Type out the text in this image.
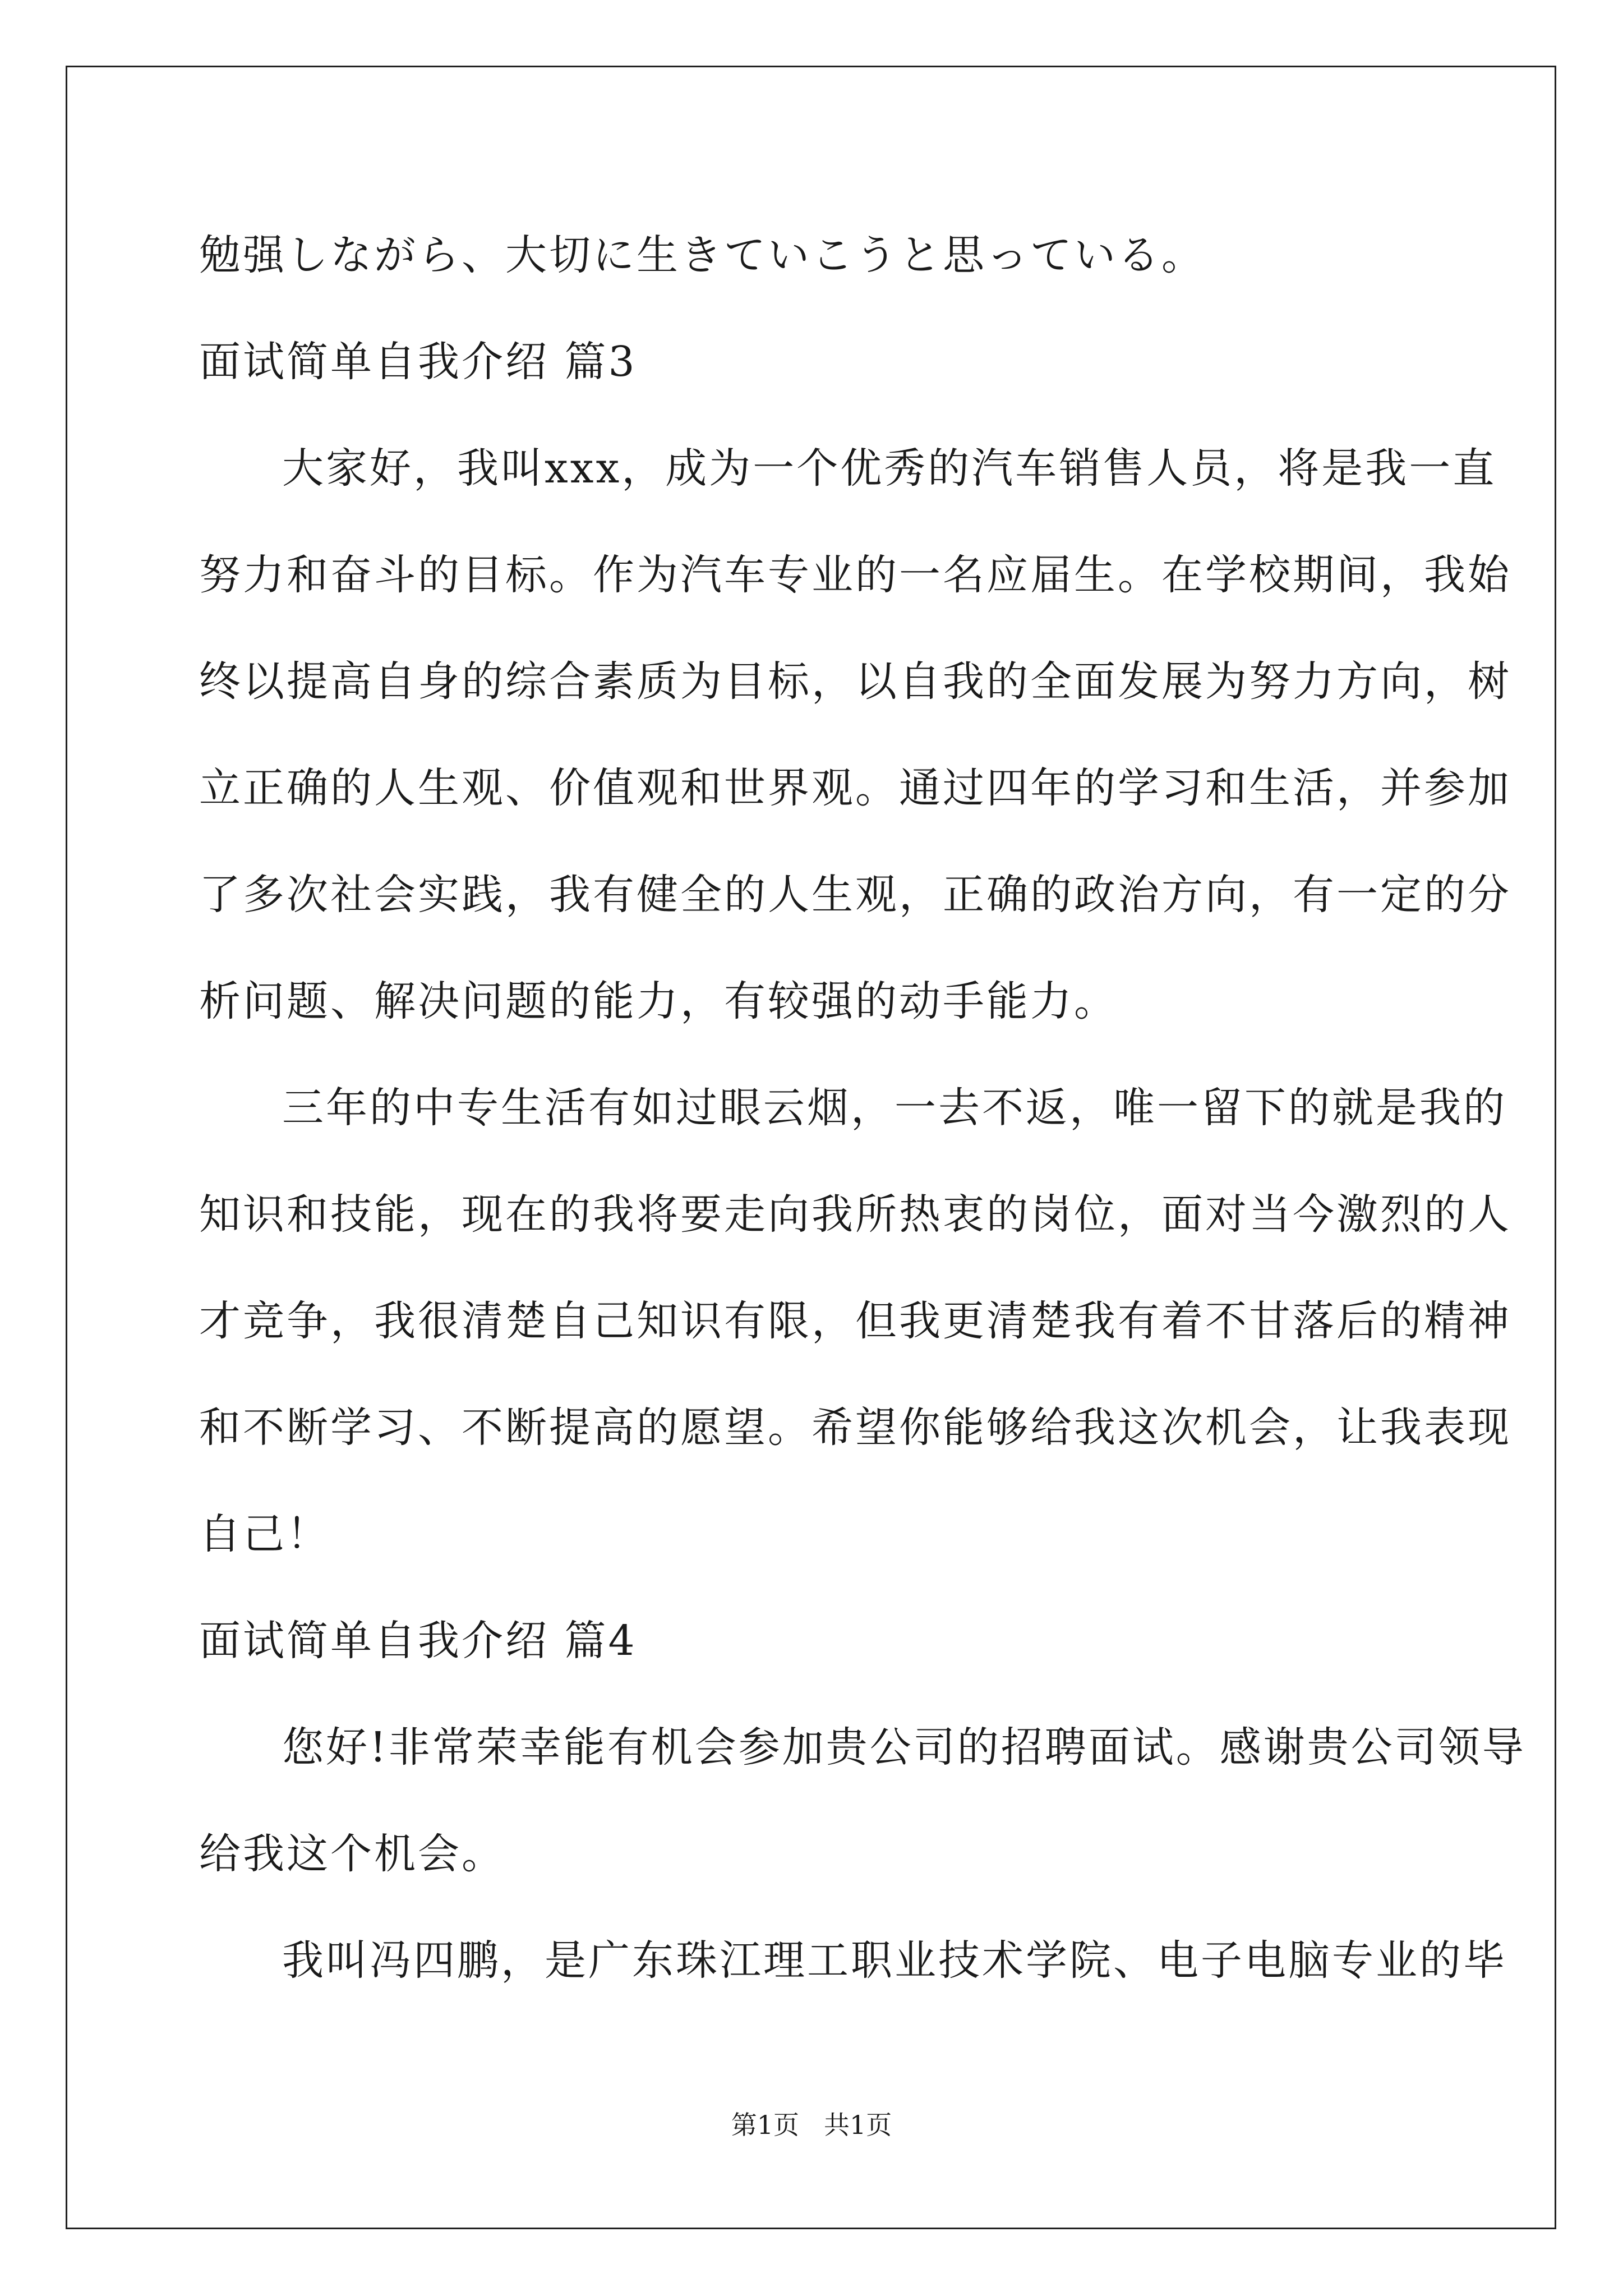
勉强しながら、大切に生きていこうと思っている。
面试简单自我介绍 篇3
大家好，我叫xxx，成为一个优秀的汽车销售人员，将是我一直
努力和奋斗的目标。作为汽车专业的一名应届生。在学校期间，我始
终以提高自身的综合素质为目标，以自我的全面发展为努力方向，树
立正确的人生观、价值观和世界观。通过四年的学习和生活，并参加
了多次社会实践，我有健全的人生观，正确的政治方向，有一定的分
析问题、解决问题的能力，有较强的动手能力。
三年的中专生活有如过眼云烟，一去不返，唯一留下的就是我的
知识和技能，现在的我将要走向我所热衷的岗位，面对当今激烈的人
才竞争，我很清楚自己知识有限，但我更清楚我有着不甘落后的精神
和不断学习、不断提高的愿望。希望你能够给我这次机会，让我表现
自己！
面试简单自我介绍 篇4
您好!非常荣幸能有机会参加贵公司的招聘面试。感谢贵公司领导
给我这个机会。
我叫冯四鹏，是广东珠江理工职业技术学院、电子电脑专业的毕
第1页 共1页
